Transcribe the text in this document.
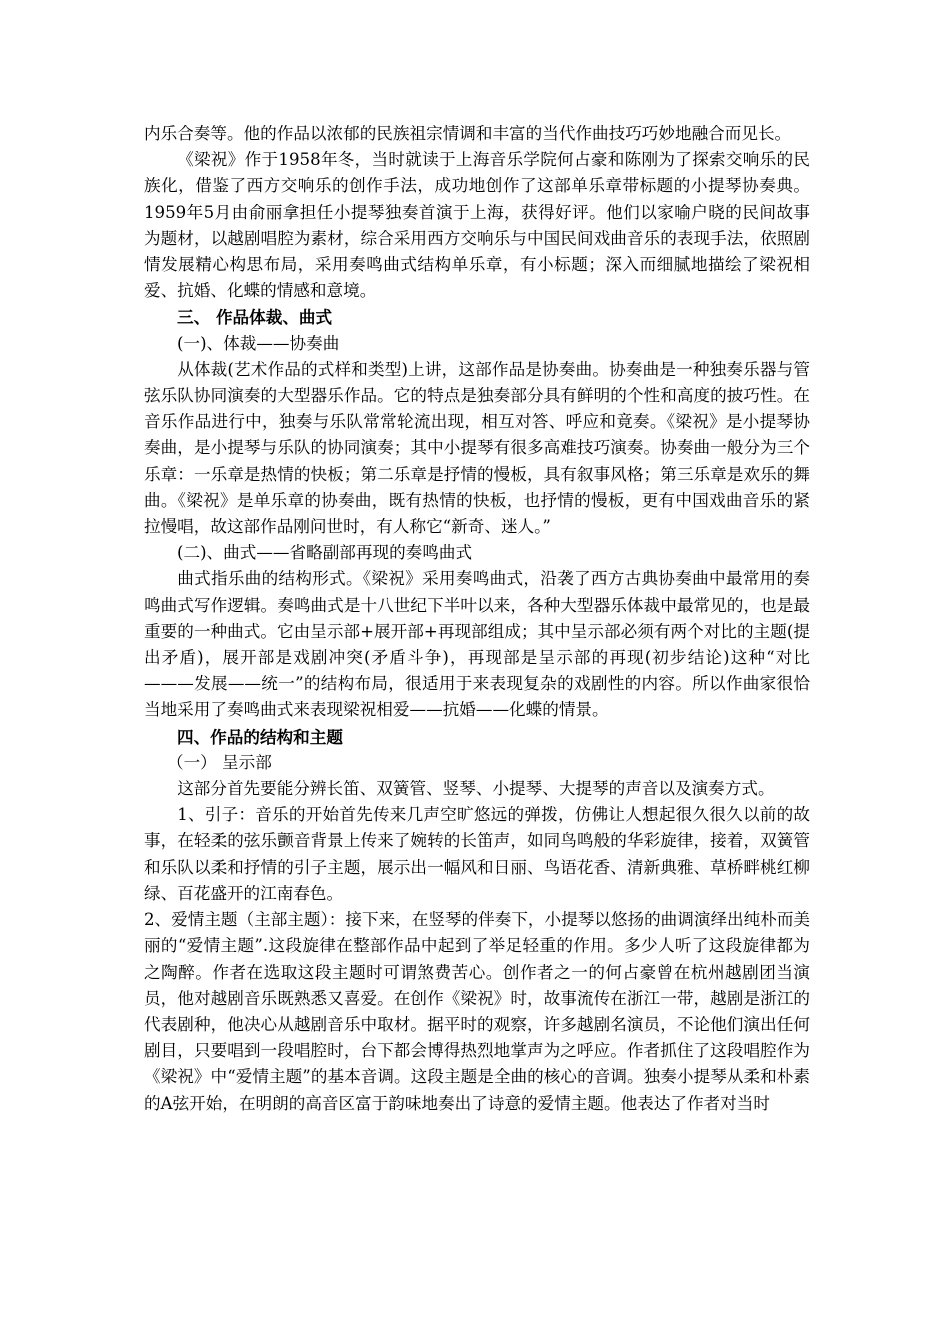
内乐合奏等。他的作品以浓郁的民族祖宗情调和丰富的当代作曲技巧巧妙地融合而见长。

《梁祝》作于1958年冬，当时就读于上海音乐学院何占豪和陈刚为了探索交响乐的民族化，借鉴了西方交响乐的创作手法，成功地创作了这部单乐章带标题的小提琴协奏典。1959年5月由俞丽拿担任小提琴独奏首演于上海，获得好评。他们以家喻户晓的民间故事为题材，以越剧唱腔为素材，综合采用西方交响乐与中国民间戏曲音乐的表现手法，依照剧情发展精心构思布局，采用奏鸣曲式结构单乐章，有小标题；深入而细腻地描绘了梁祝相爱、抗婚、化蝶的情感和意境。

三、 作品体裁、曲式

(一)、体裁——协奏曲

从体裁(艺术作品的式样和类型)上讲，这部作品是协奏曲。协奏曲是一种独奏乐器与管弦乐队协同演奏的大型器乐作品。它的特点是独奏部分具有鲜明的个性和高度的披巧性。在音乐作品进行中，独奏与乐队常常轮流出现，相互对答、呼应和竟奏。《梁祝》是小提琴协奏曲，是小提琴与乐队的协同演奏；其中小提琴有很多高难技巧演奏。协奏曲一般分为三个乐章：一乐章是热情的快板；第二乐章是抒情的慢板，具有叙事风格；第三乐章是欢乐的舞曲。《梁祝》是单乐章的协奏曲，既有热情的快板，也抒情的慢板，更有中国戏曲音乐的紧拉慢唱，故这部作品刚问世时，有人称它“新奇、迷人。”

(二)、曲式——省略副部再现的奏鸣曲式

曲式指乐曲的结构形式。《梁祝》采用奏鸣曲式，沿袭了西方古典协奏曲中最常用的奏鸣曲式写作逻辑。奏鸣曲式是十八世纪下半叶以来，各种大型器乐体裁中最常见的，也是最重要的一种曲式。它由呈示部+展开部+再现部组成；其中呈示部必须有两个对比的主题(提出矛盾)，展开部是戏剧冲突(矛盾斗争)，再现部是呈示部的再现(初步结论)这种“对比———发展——统一”的结构布局，很适用于来表现复杂的戏剧性的内容。所以作曲家很恰当地采用了奏鸣曲式来表现梁祝相爱——抗婚——化蝶的情景。

四、作品的结构和主题

（一） 呈示部

这部分首先要能分辨长笛、双簧管、竖琴、小提琴、大提琴的声音以及演奏方式。

1、引子：音乐的开始首先传来几声空旷悠远的弹拨，仿佛让人想起很久很久以前的故事，在轻柔的弦乐颤音背景上传来了婉转的长笛声，如同鸟鸣般的华彩旋律，接着，双簧管和乐队以柔和抒情的引子主题，展示出一幅风和日丽、鸟语花香、清新典雅、草桥畔桃红柳绿、百花盛开的江南春色。

2、爱情主题（主部主题）：接下来，在竖琴的伴奏下，小提琴以悠扬的曲调演绎出纯朴而美丽的“爱情主题”.这段旋律在整部作品中起到了举足轻重的作用。多少人听了这段旋律都为之陶醉。作者在选取这段主题时可谓煞费苦心。创作者之一的何占豪曾在杭州越剧团当演员，他对越剧音乐既熟悉又喜爱。在创作《梁祝》时，故事流传在浙江一带，越剧是浙江的代表剧种，他决心从越剧音乐中取材。据平时的观察，许多越剧名演员，不论他们演出任何剧目，只要唱到一段唱腔时，台下都会博得热烈地掌声为之呼应。作者抓住了这段唱腔作为《梁祝》中“爱情主题”的基本音调。这段主题是全曲的核心的音调。独奏小提琴从柔和朴素的A弦开始，在明朗的高音区富于韵味地奏出了诗意的爱情主题。他表达了作者对当时
